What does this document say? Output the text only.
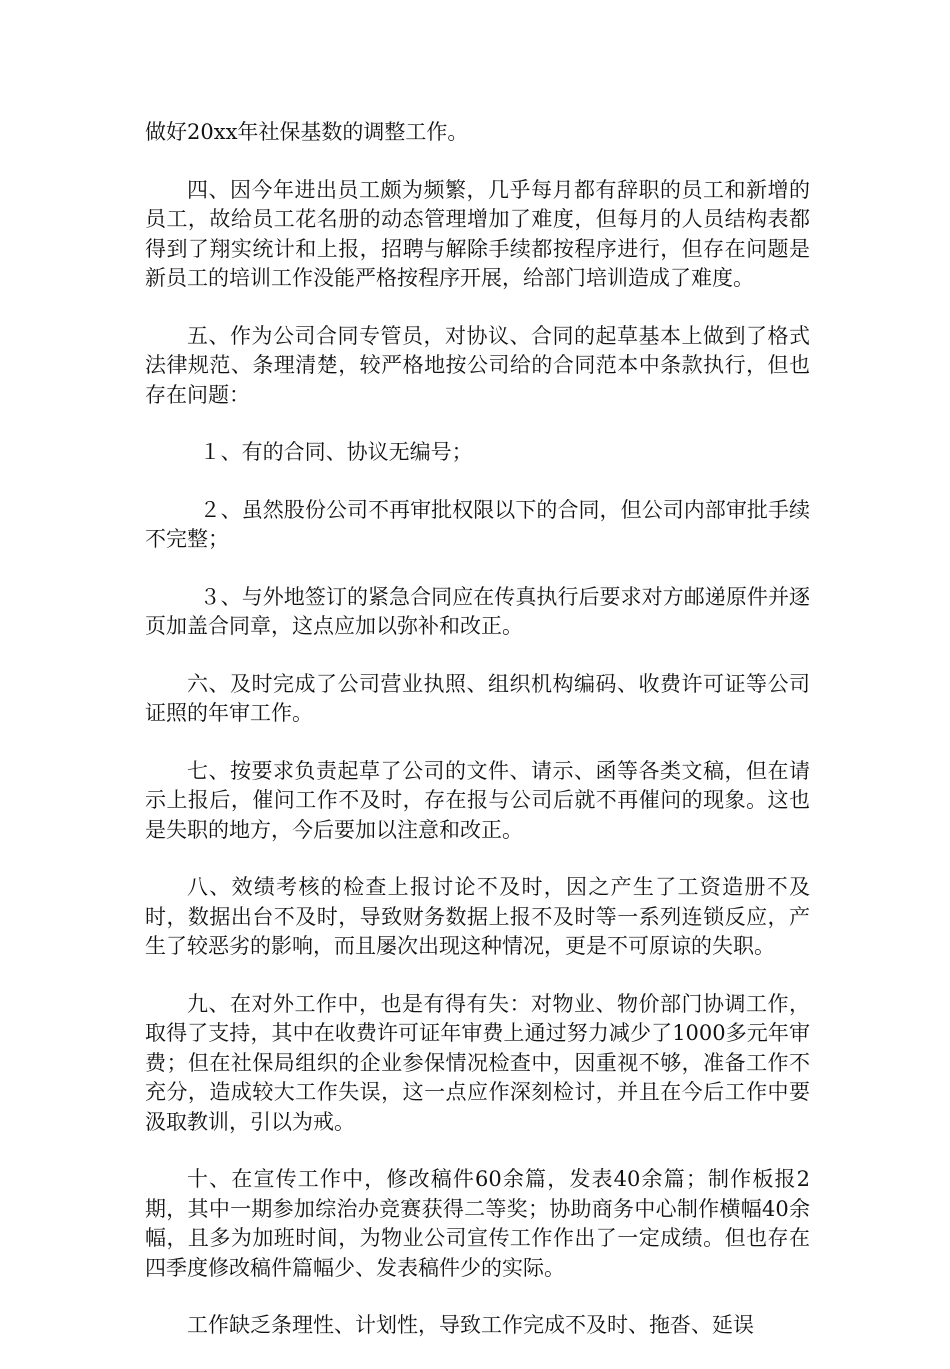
做好20xx年社保基数的调整工作。

四、因今年进出员工颇为频繁，几乎每月都有辞职的员工和新增的员工，故给员工花名册的动态管理增加了难度，但每月的人员结构表都得到了翔实统计和上报，招聘与解除手续都按程序进行，但存在问题是新员工的培训工作没能严格按程序开展，给部门培训造成了难度。

五、作为公司合同专管员，对协议、合同的起草基本上做到了格式法律规范、条理清楚，较严格地按公司给的合同范本中条款执行，但也存在问题：

１、有的合同、协议无编号；

２、虽然股份公司不再审批权限以下的合同，但公司内部审批手续不完整；

３、与外地签订的紧急合同应在传真执行后要求对方邮递原件并逐页加盖合同章，这点应加以弥补和改正。

六、及时完成了公司营业执照、组织机构编码、收费许可证等公司证照的年审工作。

七、按要求负责起草了公司的文件、请示、函等各类文稿，但在请示上报后，催问工作不及时，存在报与公司后就不再催问的现象。这也是失职的地方，今后要加以注意和改正。

八、效绩考核的检查上报讨论不及时，因之产生了工资造册不及时，数据出台不及时，导致财务数据上报不及时等一系列连锁反应，产生了较恶劣的影响，而且屡次出现这种情况，更是不可原谅的失职。

九、在对外工作中，也是有得有失：对物业、物价部门协调工作，取得了支持，其中在收费许可证年审费上通过努力减少了1000多元年审费；但在社保局组织的企业参保情况检查中，因重视不够，准备工作不充分，造成较大工作失误，这一点应作深刻检讨，并且在今后工作中要汲取教训，引以为戒。

十、在宣传工作中，修改稿件60余篇，发表40余篇；制作板报2期，其中一期参加综治办竞赛获得二等奖；协助商务中心制作横幅40余幅，且多为加班时间，为物业公司宣传工作作出了一定成绩。但也存在四季度修改稿件篇幅少、发表稿件少的实际。

工作缺乏条理性、计划性，导致工作完成不及时、拖沓、延误
